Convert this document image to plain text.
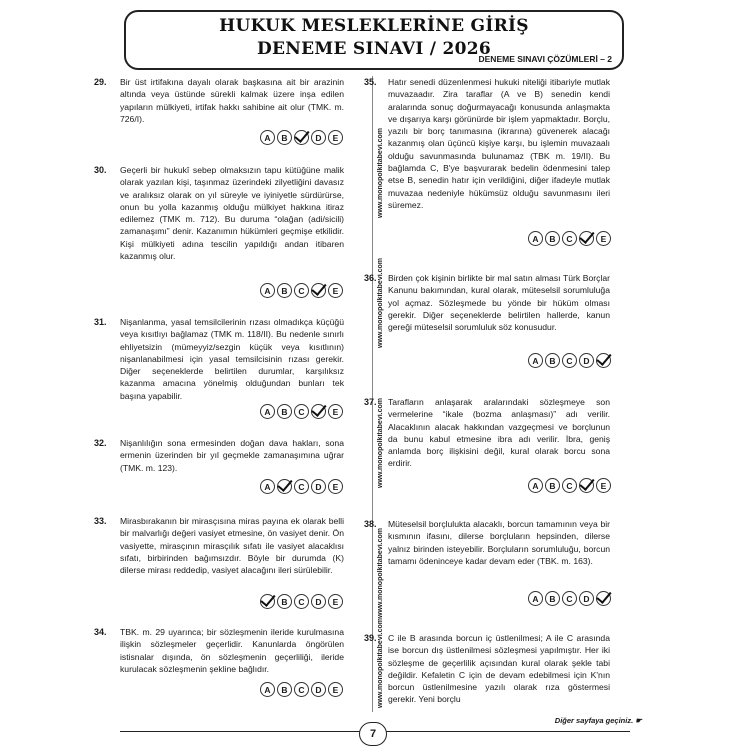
HUKUK MESLEKLERİNE GİRİŞ
DENEME SINAVI / 2026
DENEME SINAVI ÇÖZÜMLERİ – 2
www.monopolkitabevi.com
www.monopolkitabevi.com
www.monopolkitabevi.com
www.monopolkitabevi.com
www.monopolkitabevi.com
29. Bir üst irtifakına dayalı olarak başkasına ait bir arazinin altında veya üstünde sürekli kalmak üzere inşa edilen yapıların mülkiyeti, irtifak hakkı sahibine ait olur (TMK. m. 726/I).
A	B	D	E
30. Geçerli bir hukukî sebep olmaksızın tapu kütüğüne malik olarak yazılan kişi, taşınmaz üzerindeki zilyetliğini davasız ve aralıksız olarak on yıl süreyle ve iyiniyetle sürdürürse, onun bu yolla kazanmış olduğu mülkiyet hakkına itiraz edilemez (TMK m. 712). Bu duruma “olağan (adi/sicili) zamanaşımı” denir. Kazanımın hükümleri geçmişe etkilidir. Kişi mülkiyeti adına tescilin yapıldığı andan itibaren kazanmış olur.
A	B	C	E
31. Nişanlanma, yasal temsilcilerinin rızası olmadıkça küçüğü veya kısıtlıyı bağlamaz (TMK m. 118/II). Bu nedenle sınırlı ehliyetsizin (mümeyyiz/sezgin küçük veya kısıtlının) nişanlanabilmesi için yasal temsilcisinin rızası gerekir. Diğer seçeneklerde belirtilen durumlar, karşılıksız kazanma amacına yönelmiş olduğundan bunları tek başına yapabilir.
A	B	C	E
32. Nişanlılığın sona ermesinden doğan dava hakları, sona ermenin üzerinden bir yıl geçmekle zamanaşımına uğrar (TMK. m. 123).
A	C	D	E
33. Mirasbırakanın bir mirasçısına miras payına ek olarak belli bir malvarlığı değeri vasiyet etmesine, ön vasiyet denir. Ön vasiyette, mirasçının mirasçılık sıfatı ile vasiyet alacaklısı sıfatı, birbirinden bağımsızdır. Böyle bir durumda (K) dilerse mirası reddedip, vasiyet alacağını ileri sürülebilir.
B	C	D	E
34. TBK. m. 29 uyarınca; bir sözleşmenin ileride kurulmasına ilişkin sözleşmeler geçerlidir. Kanunlarda öngörülen istisnalar dışında, ön sözleşmenin geçerliliği, ileride kurulacak sözleşmenin şekline bağlıdır.
A	B	C	D	E
35. Hatır senedi düzenlenmesi hukuki niteliği itibariyle mutlak muvazaadır. Zira taraflar (A ve B) senedin kendi aralarında sonuç doğurmayacağı konusunda anlaşmakta ve dışarıya karşı görünürde bir işlem yapmaktadır. Borçlu, yazılı bir borç tanımasına (ikrarına) güvenerek alacağı kazanmış olan üçüncü kişiye karşı, bu işlemin muvazaalı olduğu savunmasında bulunamaz (TBK m. 19/II). Bu bağlamda C, B'ye başvurarak bedelin ödenmesini talep etse B, senedin hatır için verildiğini, diğer ifadeyle mutlak muvazaa nedeniyle hükümsüz olduğu savunmasını ileri süremez.
A	B	C	E
36. Birden çok kişinin birlikte bir mal satın alması Türk Borçlar Kanunu bakımından, kural olarak, müteselsil sorumluluğa yol açmaz. Sözleşmede bu yönde bir hüküm olması gerekir. Diğer seçeneklerde belirtilen hallerde, kanun gereği müteselsil sorumluluk söz konusudur.
A	B	C	D
37. Tarafların anlaşarak aralarındaki sözleşmeye son vermelerine “ikale (bozma anlaşması)” adı verilir. Alacaklının alacak hakkından vazgeçmesi ve borçlunun da bunu kabul etmesine ibra adı verilir. İbra, geniş anlamda borç ilişkisini değil, kural olarak borcu sona erdirir.
A	B	C	E
38. Müteselsil borçlulukta alacaklı, borcun tamamının veya bir kısmının ifasını, dilerse borçluların hepsinden, dilerse yalnız birinden isteyebilir. Borçluların sorumluluğu, borcun tamamı ödeninceye kadar devam eder (TBK. m. 163).
A	B	C	D
39. C ile B arasında borcun iç üstlenilmesi; A ile C arasında ise borcun dış üstlenilmesi sözleşmesi yapılmıştır. Her iki sözleşme de geçerlilik açısından kural olarak şekle tabi değildir. Kefaletin C için de devam edebilmesi için K'nın borcun üstlenilmesine yazılı olarak rıza göstermesi gerekir. Yeni borçlu
Diğer sayfaya geçiniz. ☛
7
